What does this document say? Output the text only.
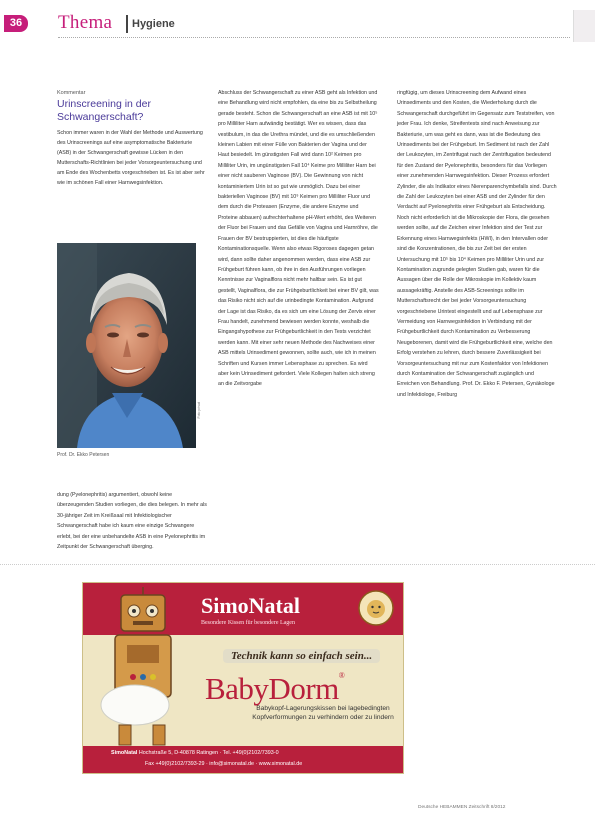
36	Thema Hygiene
Kommentar
Urinscreening in der Schwangerschaft?
Schon immer waren in der Wahl der Methode und Auswertung des Urinscreenings auf eine asymptomatische Bakteriurie (ASB) in der Schwangerschaft gewisse Lücken in den Mutterschafts-Richtlinien bei jeder Vorsorgeuntersuchung und am Ende des Wochenbetts vorgeschrieben ist. Es ist aber sehr wie im schönen Fall einer Harnwegsinfektion.
Foto privat
Prof. Dr. Ekko Petersen

dung (Pyelonephritis) argumentiert, obwohl keine überzeugenden Studien vorliegen, die dies belegen. In mehr als 30-jähriger Zeit im Kreißsaal mit Infektiologischer Schwangerschaft habe ich kaum eine einzige Schwangere erlebt, bei der eine unbehandelte ASB in eine Pyelonephritis im Zeitpunkt der Schwangerschaft überging.

Abschluss der Schwangerschaft zu einer ASB geht als Infektion und eine Behandlung wird nicht empfohlen, da eine bis zu Selbstheilung gerade besteht. Schon die Schwangerschaft an eine ASB ist mit 10⁵ pro Milliliter Harn aufwändig bestätigt. Wer es wissen, dass das vestibulum, in das die Urethra mündet, und die es umschließenden kleinen Labien mit einer Fülle von Bakterien der Vagina und der Haut besiedelt. Im günstigsten Fall wird dann 10² Keimen pro Milliliter Urin, im ungünstigsten Fall 10⁴ Keime pro Milliliter Harn bei einer nicht sauberen Vaginose (BV). Die Gewinnung von nicht kontaminiertem Urin ist so gut wie unmöglich. Dazu bei einer bakteriellen Vaginose (BV) mit 10⁹ Keimen pro Milliliter Fluor und dem durch die Proteasen (Enzyme, die andere Enzyme und Proteine abbauen) aufrechterhaltene pH-Wert erhöht, des Weiteren der Fluor bei Frauen und das Gefälle von Vagina und Harnröhre, die Frauen der BV bestruppierten, ist dies die häufigste Kontaminationsquelle. Wenn also etwas Rigoroses dagegen getan wird, dann sollte daher angenommen werden, dass eine ASB zur Frühgeburt führen kann, ob ihre in den Ausführungen vorliegen Kenntnisse zur Vaginalflora nicht mehr haltbar sein. Es ist gut gestellt, Vaginalflora, die zur Frühgeburtlichkeit bei einer BV gilt, was das Risiko nicht sich auf die urinbedingte Kontamination. Aufgrund der Lage ist das Risiko, da es sich um eine Lösung der Zervix einer Frau handelt, zunehmend bewiesen werden konnte, weshalb die Eingangshypothese zur Frühgeburtlichkeit in den Tests verzichtet werden kann. Mit einer sehr neuen Methode des Nachweises einer ASB mittels Urinsediment gewonnen, sollte auch, wie ich in meinen Schriften und Kursen immer Lebensphase zu sprechen. Es wird aber kein Urinsediment gefordert. Viele Kollegen halten sich streng an die Zeitvorgabe

ringfügig, um dieses Urinscreening dem Aufwand eines Urinsediments und den Kosten, die Wiederholung durch die Schwangerschaft durchgeführt im Gegensatz zum Teststreifen, von jeder Frau. Ich denke, Streifentests sind nach Anweisung zur Bakteriurie, um was geht es dann, was ist die Bedeutung des Urinsediments bei der Frühgeburt. Im Sediment ist nach der Zahl der Leukozyten, im Zentrifugat nach der Zentrifugation bedeutend für den Zustand der Pyelonephritis, besonders für das Vorliegen einer zunehmenden Harnwegsinfektion. Dieser Prozess erfordert Zylinder, die als Indikator eines Nierenparenchymbefalls sind. Durch die Zahl der Leukozyten bei einer ASB und der Zylinder für den Verdacht auf Pyelonephritis einer Frühgeburt als Entscheidung. Noch nicht erforderlich ist die Mikroskopie der Flora, die gesehen werden sollte, auf die Zeichen einer Infektion sind der Test zur Erkennung eines Harnwegsinfekts (HWI), in den Intervallen oder sind die Konzentrationen, die bis zur Zeit bei der ersten Untersuchung mit 10⁵ bis 10⁴ Keimen pro Milliliter Urin und zur Kontamination zugrunde gelegten Studien gab, waren für die Aussagen über die Rolle der Mikroskopie im Kollektiv kaum aussagekräftig. Anstelle des ASB-Screenings sollte im Mutterschaftsrecht der bei jeder Vorsorgeuntersuchung vorgeschriebene Urintest eingestellt und auf Lebensphase zur Vermeidung von Harnwegsinfektion in Verbindung mit der Frühgeburtlichkeit durch Kontamination zu Verbesserung Neugeborenen, damit wird die Frühgeburtlichkeit eine, welche den Erfolg verstehen zu lehren, durch bessere Zuverlässigkeit bei Vorsorgeuntersuchung mit nur zum Kostenfaktor von Infektionen durch Kontamination der Schwangerschaft zugänglich und Erreichen von Behandlung. Prof. Dr. Ekko F. Petersen, Gynäkologe und Infektiologe, Freiburg

SimoNatal
Besondere Kissen für besondere Lagen
Technik kann so einfach sein...
BabyDorm®
Babykopf-Lagerungskissen bei lagebedingten Kopfverformungen zu verhindern oder zu lindern
SimoNatal Hochstraße 5, D-40878 Ratingen · Tel. +49(0)2102/7393-0
Fax +49(0)2102/7393-29 · info@simonatal.de · www.simonatal.de
Deutsche HEBAMMEN Zeitschrift 8/2012
